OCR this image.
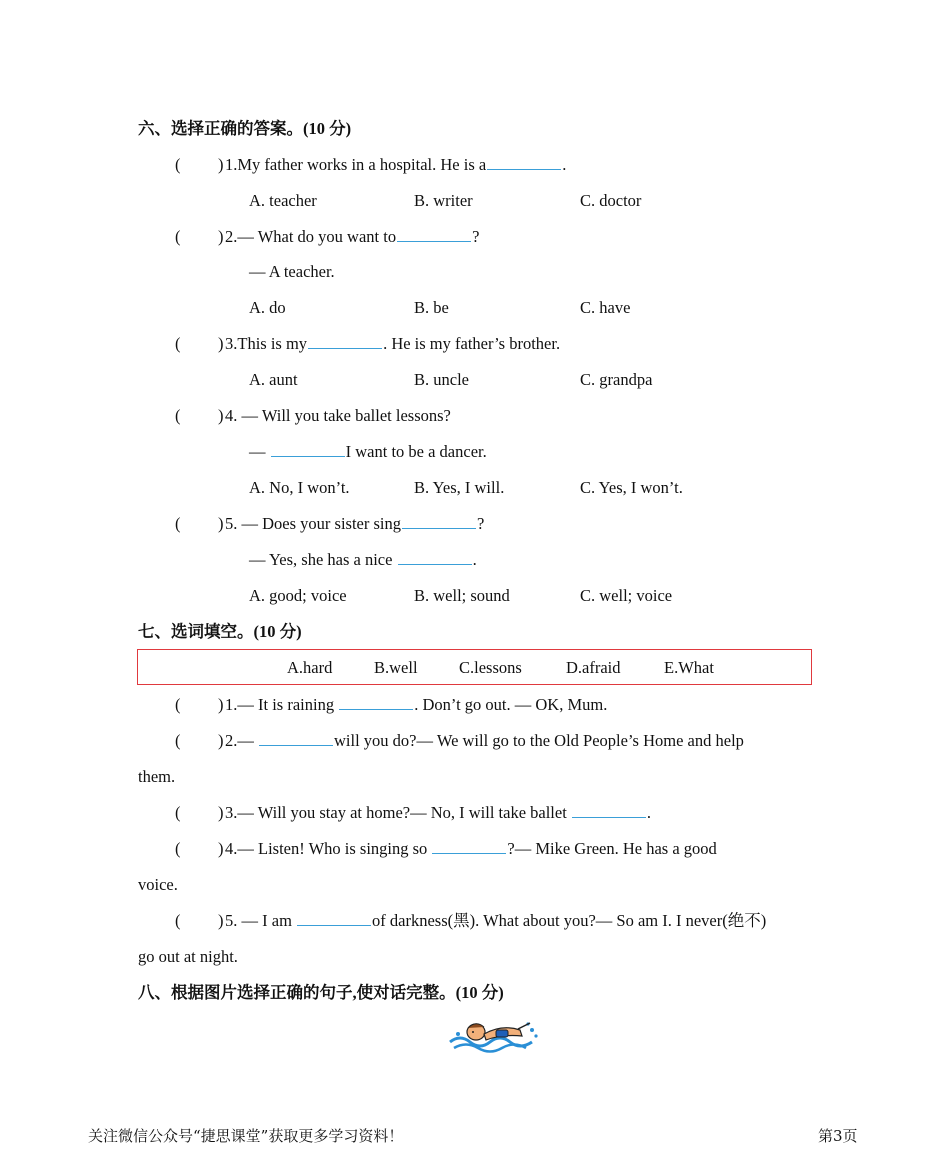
六、选择正确的答案。(10 分)
( ) 1.My father works in a hospital. He is a	.
A. teacher	B. writer	C. doctor
( ) 2.— What do you want to	?
— A teacher.
A. do	B. be	C. have
( ) 3.This is my	. He is my father’s brother.
A. aunt	B. uncle	C. grandpa
( ) 4. — Will you take ballet lessons?
—	I want to be a dancer.
A. No, I won’t.	B. Yes, I will.	C. Yes, I won’t.
( ) 5. — Does your sister sing	?
— Yes, she has a nice	.
A. good; voice	B. well; sound	C. well; voice
七、选词填空。(10 分)
A.hard	B.well	C.lessons	D.afraid	E.What
( ) 1.— It is raining	. Don’t go out. — OK, Mum.
( ) 2.—	will you do?— We will go to the Old People’s Home and help
them.
( ) 3.— Will you stay at home?— No, I will take ballet	.
( ) 4.— Listen! Who is singing so	?— Mike Green. He has a good
voice.
( ) 5. — I am	of darkness(黑). What about you?— So am I. I never(绝不)
go out at night.
八、根据图片选择正确的句子,使对话完整。(10 分)
关注微信公众号“捷思课堂”获取更多学习资料！	第3页
